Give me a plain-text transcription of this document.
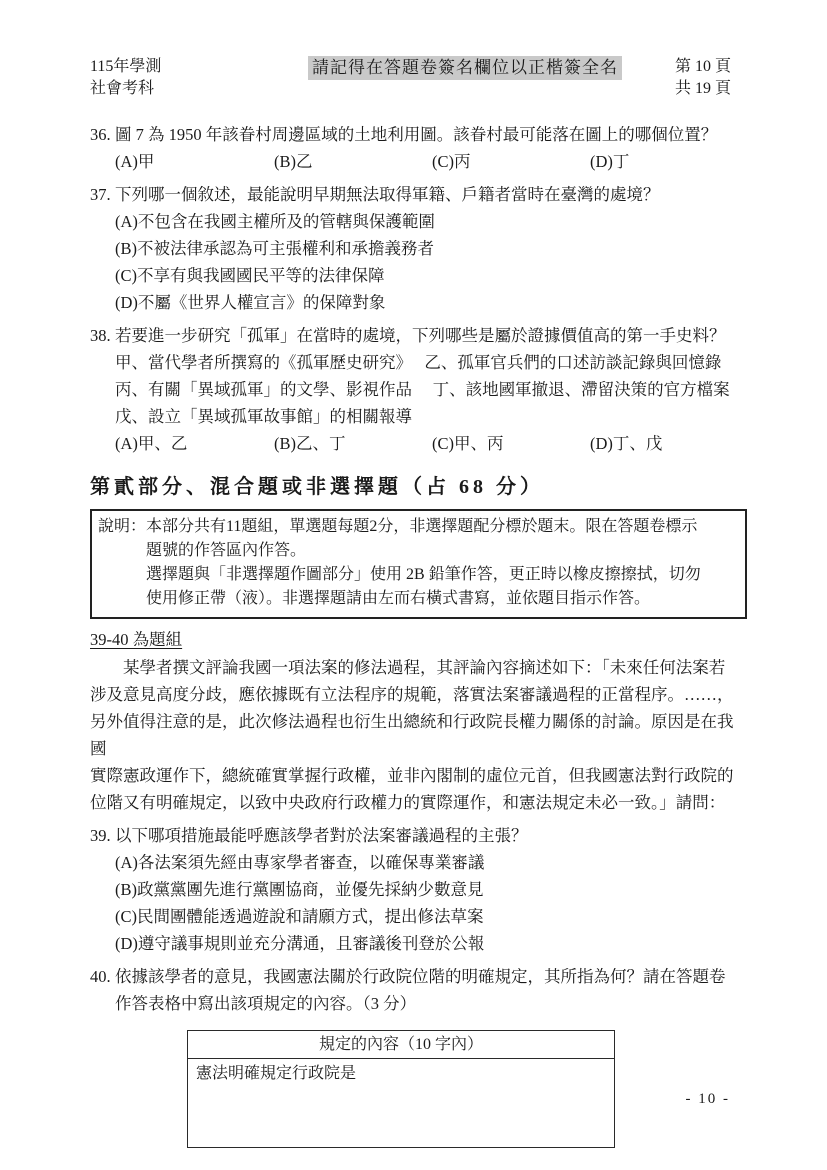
115年學測
社會考科
請記得在答題卷簽名欄位以正楷簽全名	第 10 頁
共 19 頁
36. 圖 7 為 1950 年該眷村周邊區域的土地利用圖。該眷村最可能落在圖上的哪個位置？
(A)甲	(B)乙	(C)丙	(D)丁
37. 下列哪一個敘述，最能說明早期無法取得軍籍、戶籍者當時在臺灣的處境？
(A)不包含在我國主權所及的管轄與保護範圍
(B)不被法律承認為可主張權利和承擔義務者
(C)不享有與我國國民平等的法律保障
(D)不屬《世界人權宣言》的保障對象
38. 若要進一步研究「孤軍」在當時的處境，下列哪些是屬於證據價值高的第一手史料？
甲、當代學者所撰寫的《孤軍歷史研究》　 乙、孤軍官兵們的口述訪談記錄與回憶錄
丙、有關「異域孤軍」的文學、影視作品　 丁、該地國軍撤退、滯留決策的官方檔案
戊、設立「異域孤軍故事館」的相關報導
(A)甲、乙	(B)乙、丁	(C)甲、丙	(D)丁、戊
第貳部分、混合題或非選擇題（占 68 分）
說明： 本部分共有11題組，單選題每題2分，非選擇題配分標於題末。限在答題卷標示
題號的作答區內作答。
選擇題與「非選擇題作圖部分」使用 2B 鉛筆作答，更正時以橡皮擦擦拭，切勿
使用修正帶（液）。非選擇題請由左而右橫式書寫，並依題目指示作答。
39-40 為題組
某學者撰文評論我國一項法案的修法過程，其評論內容摘述如下：「未來任何法案若
涉及意見高度分歧，應依據既有立法程序的規範，落實法案審議過程的正當程序。……，
另外值得注意的是，此次修法過程也衍生出總統和行政院長權力關係的討論。原因是在我國
實際憲政運作下，總統確實掌握行政權，並非內閣制的虛位元首，但我國憲法對行政院的
位階又有明確規定，以致中央政府行政權力的實際運作，和憲法規定未必一致。」請問：
39. 以下哪項措施最能呼應該學者對於法案審議過程的主張？
(A)各法案須先經由專家學者審查，以確保專業審議
(B)政黨黨團先進行黨團協商，並優先採納少數意見
(C)民間團體能透過遊說和請願方式，提出修法草案
(D)遵守議事規則並充分溝通，且審議後刊登於公報
40. 依據該學者的意見，我國憲法關於行政院位階的明確規定，其所指為何？請在答題卷
作答表格中寫出該項規定的內容。（3 分）
規定的內容（10 字內）
憲法明確規定行政院是
- 10 -
